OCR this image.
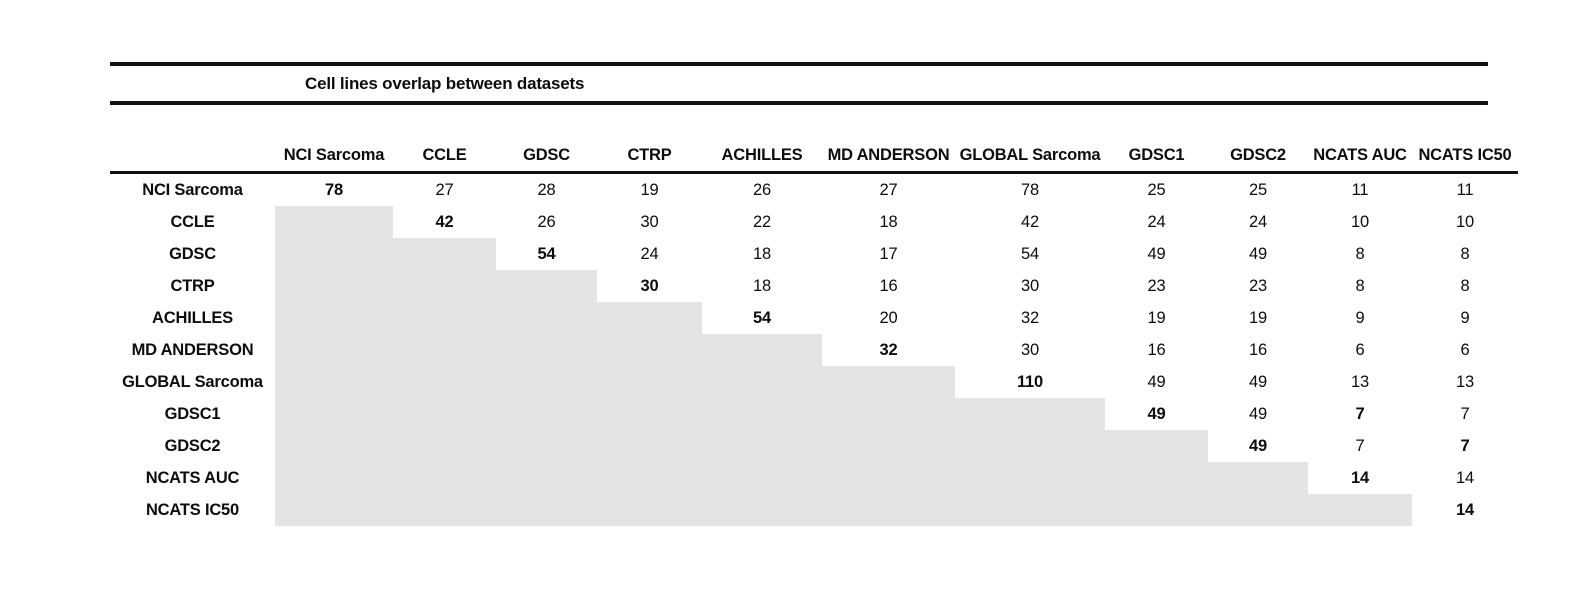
Cell lines overlap between datasets
	NCI Sarcoma	CCLE	GDSC	CTRP	ACHILLES	MD ANDERSON	GLOBAL Sarcoma	GDSC1	GDSC2	NCATS AUC	NCATS IC50
NCI Sarcoma	78	27	28	19	26	27	78	25	25	11	11
CCLE		42	26	30	22	18	42	24	24	10	10
GDSC			54	24	18	17	54	49	49	8	8
CTRP				30	18	16	30	23	23	8	8
ACHILLES					54	20	32	19	19	9	9
MD ANDERSON						32	30	16	16	6	6
GLOBAL Sarcoma							110	49	49	13	13
GDSC1								49	49	7	7
GDSC2									49	7	7
NCATS AUC										14	14
NCATS IC50											14
